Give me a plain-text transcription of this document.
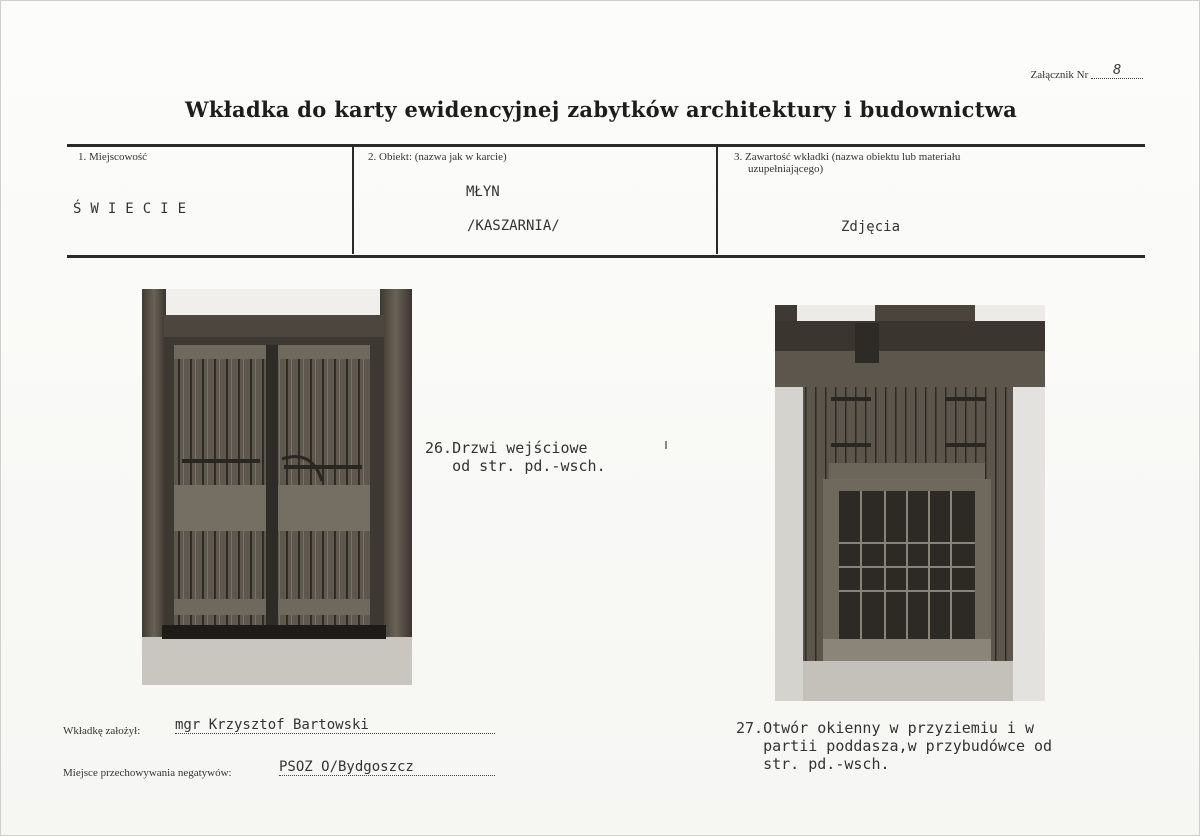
Załącznik Nr 8
Wkładka do karty ewidencyjnej zabytków architektury i budownictwa
1. Miejscowość
ŚWIECIE
2. Obiekt: (nazwa jak w karcie)
MŁYN
/KASZARNIA/
3. Zawartość wkładki (nazwa obiektu lub materiału
uzupełniającego)
Zdjęcia
26.Drzwi wejściowe
od str. pd.-wsch.
27.Otwór okienny w przyziemiu i w
partii poddasza,w przybudówce od
str. pd.-wsch.
Wkładkę założył: mgr Krzysztof Bartowski
Miejsce przechowywania negatywów:	PSOZ O/Bydgoszcz
